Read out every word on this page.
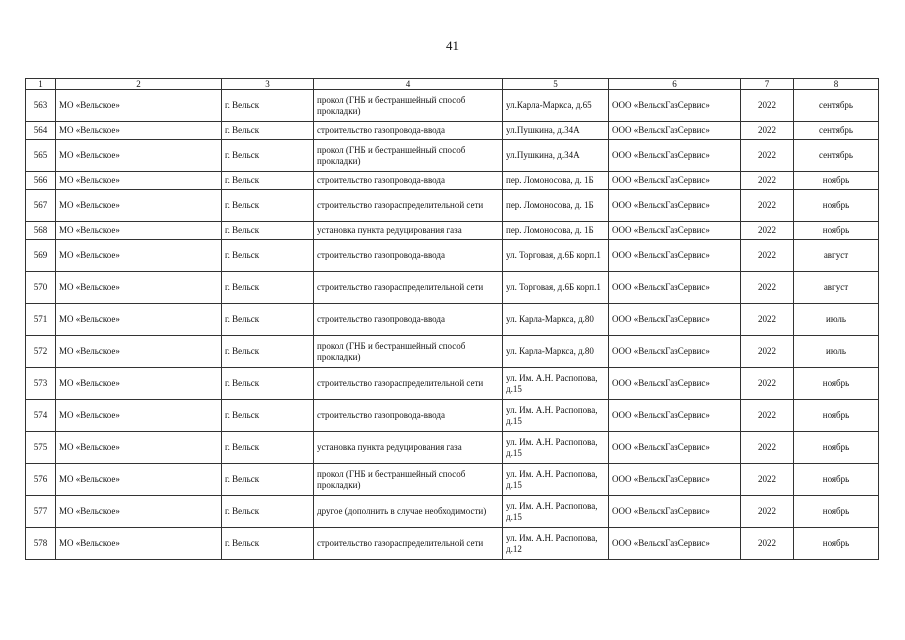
41
1	2	3	4	5	6	7	8
563	МО «Вельское»	г. Вельск	прокол (ГНБ и бестраншейный способ прокладки)	ул.Карла-Маркса, д.65	ООО «ВельскГазСервис»	2022	сентябрь
564	МО «Вельское»	г. Вельск	строительство газопровода-ввода	ул.Пушкина, д.34А	ООО «ВельскГазСервис»	2022	сентябрь
565	МО «Вельское»	г. Вельск	прокол (ГНБ и бестраншейный способ прокладки)	ул.Пушкина, д.34А	ООО «ВельскГазСервис»	2022	сентябрь
566	МО «Вельское»	г. Вельск	строительство газопровода-ввода	пер. Ломоносова, д. 1Б	ООО «ВельскГазСервис»	2022	ноябрь
567	МО «Вельское»	г. Вельск	строительство газораспределительной сети	пер. Ломоносова, д. 1Б	ООО «ВельскГазСервис»	2022	ноябрь
568	МО «Вельское»	г. Вельск	установка пункта редуцирования газа	пер. Ломоносова, д. 1Б	ООО «ВельскГазСервис»	2022	ноябрь
569	МО «Вельское»	г. Вельск	строительство газопровода-ввода	ул. Торговая, д.6Б корп.1	ООО «ВельскГазСервис»	2022	август
570	МО «Вельское»	г. Вельск	строительство газораспределительной сети	ул. Торговая, д.6Б корп.1	ООО «ВельскГазСервис»	2022	август
571	МО «Вельское»	г. Вельск	строительство газопровода-ввода	ул. Карла-Маркса, д.80	ООО «ВельскГазСервис»	2022	июль
572	МО «Вельское»	г. Вельск	прокол (ГНБ и бестраншейный способ прокладки)	ул. Карла-Маркса, д.80	ООО «ВельскГазСервис»	2022	июль
573	МО «Вельское»	г. Вельск	строительство газораспределительной сети	ул. Им. А.Н. Распопова, д.15	ООО «ВельскГазСервис»	2022	ноябрь
574	МО «Вельское»	г. Вельск	строительство газопровода-ввода	ул. Им. А.Н. Распопова, д.15	ООО «ВельскГазСервис»	2022	ноябрь
575	МО «Вельское»	г. Вельск	установка пункта редуцирования газа	ул. Им. А.Н. Распопова, д.15	ООО «ВельскГазСервис»	2022	ноябрь
576	МО «Вельское»	г. Вельск	прокол (ГНБ и бестраншейный способ прокладки)	ул. Им. А.Н. Распопова, д.15	ООО «ВельскГазСервис»	2022	ноябрь
577	МО «Вельское»	г. Вельск	другое (дополнить в случае необходимости)	ул. Им. А.Н. Распопова, д.15	ООО «ВельскГазСервис»	2022	ноябрь
578	МО «Вельское»	г. Вельск	строительство газораспределительной сети	ул. Им. А.Н. Распопова, д.12	ООО «ВельскГазСервис»	2022	ноябрь
